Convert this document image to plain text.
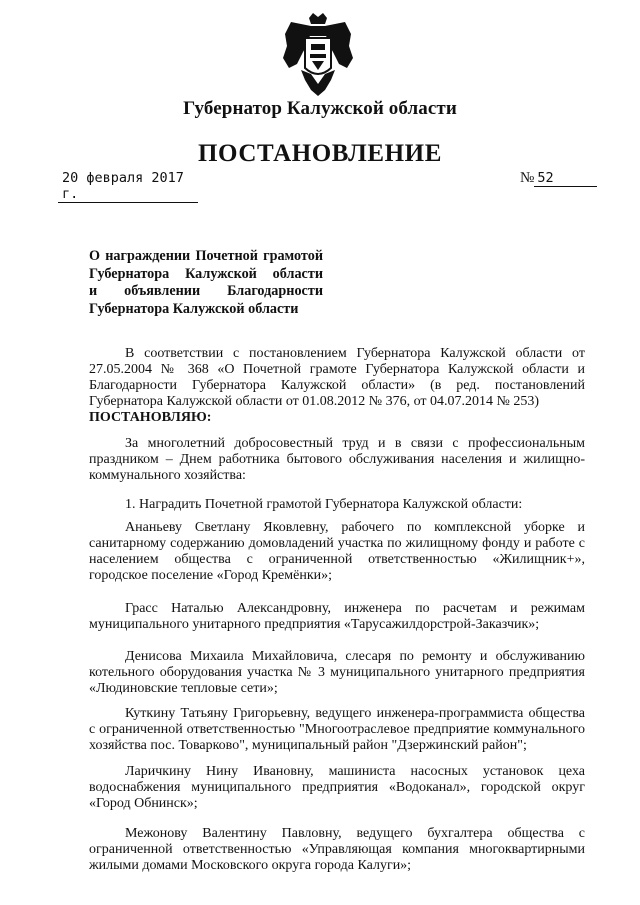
Губернатор Калужской области
ПОСТАНОВЛЕНИЕ
20 февраля 2017 г.
№ 52
О награждении Почетной грамотой
Губернатора Калужской области
и объявлении Благодарности
Губернатора Калужской области

В соответствии с постановлением Губернатора Калужской области от 27.05.2004 № 368 «О Почетной грамоте Губернатора Калужской области и Благодарности Губернатора Калужской области» (в ред. постановлений Губернатора Калужской области от 01.08.2012 № 376, от 04.07.2014 № 253)

ПОСТАНОВЛЯЮ:

За многолетний добросовестный труд и в связи с профессиональным праздником – Днем работника бытового обслуживания населения и жилищно-коммунального хозяйства:

1. Наградить Почетной грамотой Губернатора Калужской области:

Ананьеву Светлану Яковлевну, рабочего по комплексной уборке и санитарному содержанию домовладений участка по жилищному фонду и работе с населением общества с ограниченной ответственностью «Жилищник+», городское поселение «Город Кремёнки»;

Грасс Наталью Александровну, инженера по расчетам и режимам муниципального унитарного предприятия «Тарусажилдорстрой-Заказчик»;

Денисова Михаила Михайловича, слесаря по ремонту и обслуживанию котельного оборудования участка № 3 муниципального унитарного предприятия «Людиновские тепловые сети»;

Куткину Татьяну Григорьевну, ведущего инженера-программиста общества с ограниченной ответственностью "Многоотраслевое предприятие коммунального хозяйства пос. Товарково", муниципальный район "Дзержинский район";

Ларичкину Нину Ивановну, машиниста насосных установок цеха водоснабжения муниципального предприятия «Водоканал», городской округ «Город Обнинск»;

Межонову Валентину Павловну, ведущего бухгалтера общества с ограниченной ответственностью «Управляющая компания многоквартирными жилыми домами Московского округа города Калуги»;
